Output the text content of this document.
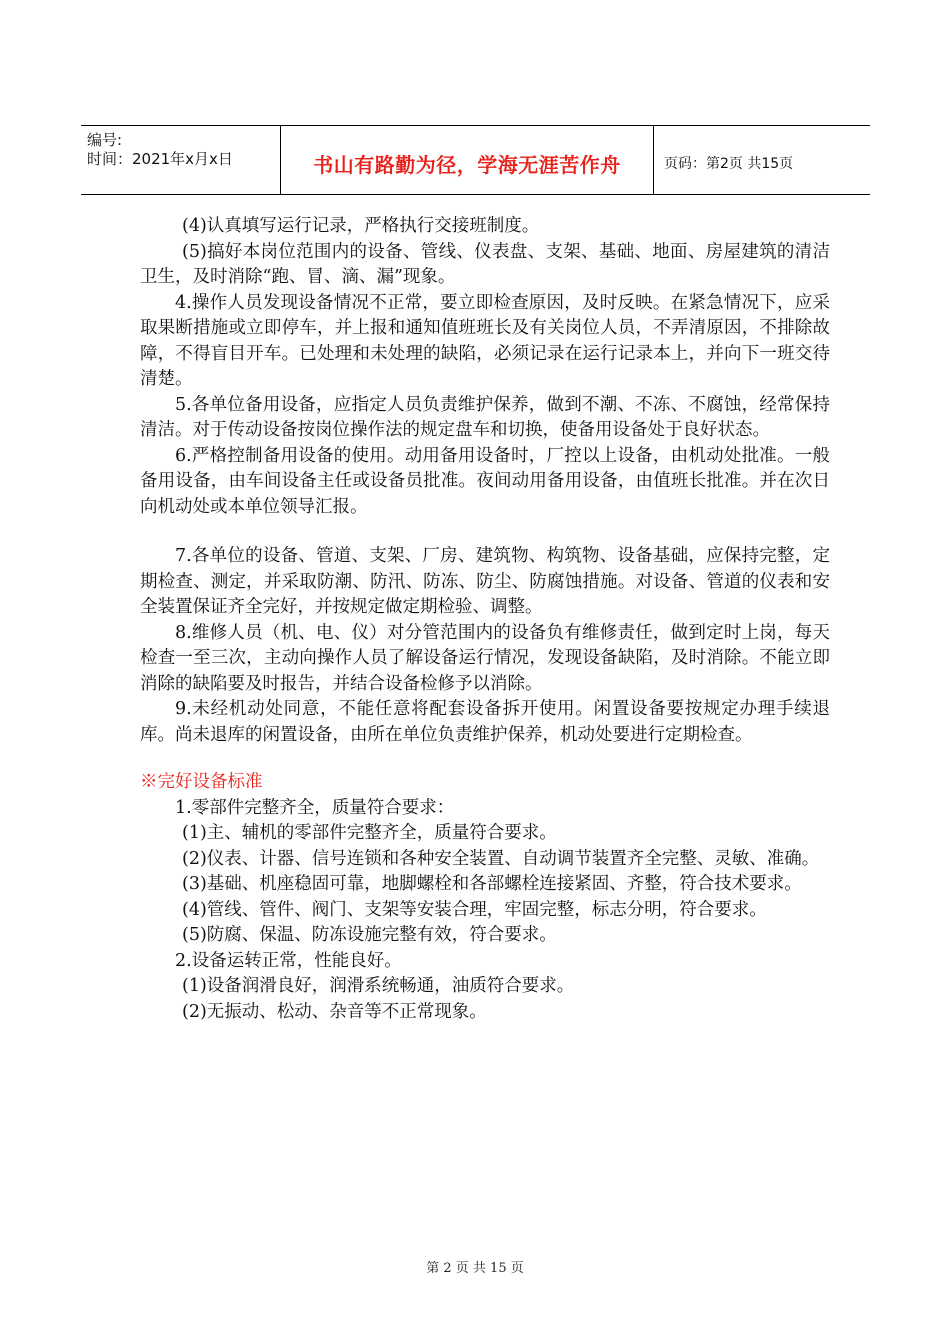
编号:
时间：2021年x月x日	书山有路勤为径，学海无涯苦作舟	页码：第2页 共15页

(4)认真填写运行记录，严格执行交接班制度。

(5)搞好本岗位范围内的设备、管线、仪表盘、支架、基础、地面、房屋建筑的清洁卫生，及时消除“跑、冒、滴、漏”现象。

4.操作人员发现设备情况不正常，要立即检查原因，及时反映。在紧急情况下，应采取果断措施或立即停车，并上报和通知值班班长及有关岗位人员，不弄清原因，不排除故障，不得盲目开车。已处理和未处理的缺陷，必须记录在运行记录本上，并向下一班交待清楚。

5.各单位备用设备，应指定人员负责维护保养，做到不潮、不冻、不腐蚀，经常保持清洁。对于传动设备按岗位操作法的规定盘车和切换，使备用设备处于良好状态。

6.严格控制备用设备的使用。动用备用设备时，厂控以上设备，由机动处批准。一般备用设备，由车间设备主任或设备员批准。夜间动用备用设备，由值班长批准。并在次日向机动处或本单位领导汇报。

7.各单位的设备、管道、支架、厂房、建筑物、构筑物、设备基础，应保持完整，定期检查、测定，并采取防潮、防汛、防冻、防尘、防腐蚀措施。对设备、管道的仪表和安全装置保证齐全完好，并按规定做定期检验、调整。

8.维修人员（机、电、仪）对分管范围内的设备负有维修责任，做到定时上岗，每天检查一至三次，主动向操作人员了解设备运行情况，发现设备缺陷，及时消除。不能立即消除的缺陷要及时报告，并结合设备检修予以消除。

9.未经机动处同意，不能任意将配套设备拆开使用。闲置设备要按规定办理手续退库。尚未退库的闲置设备，由所在单位负责维护保养，机动处要进行定期检查。

※完好设备标准

1.零部件完整齐全，质量符合要求：

(1)主、辅机的零部件完整齐全，质量符合要求。

(2)仪表、计器、信号连锁和各种安全装置、自动调节装置齐全完整、灵敏、准确。

(3)基础、机座稳固可靠，地脚螺栓和各部螺栓连接紧固、齐整，符合技术要求。

(4)管线、管件、阀门、支架等安装合理，牢固完整，标志分明，符合要求。

(5)防腐、保温、防冻设施完整有效，符合要求。

2.设备运转正常，性能良好。

(1)设备润滑良好，润滑系统畅通，油质符合要求。

(2)无振动、松动、杂音等不正常现象。

第 2 页 共 15 页
